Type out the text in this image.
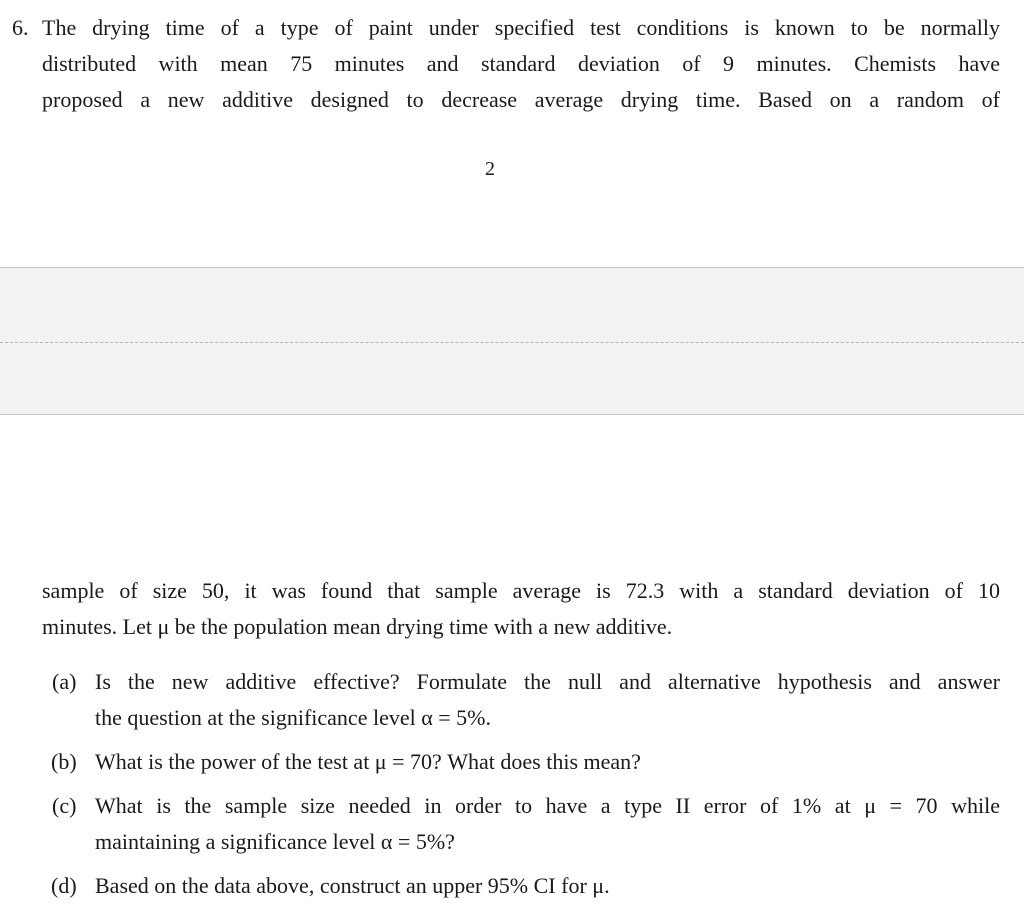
6. The drying time of a type of paint under specified test conditions is known to be normally
distributed with mean 75 minutes and standard deviation of 9 minutes. Chemists have
proposed a new additive designed to decrease average drying time. Based on a random of
2
sample of size 50, it was found that sample average is 72.3 with a standard deviation of 10
minutes. Let μ be the population mean drying time with a new additive.
(a) Is the new additive effective? Formulate the null and alternative hypothesis and answer
the question at the significance level α = 5%.
(b) What is the power of the test at μ = 70? What does this mean?
(c) What is the sample size needed in order to have a type II error of 1% at μ = 70 while
maintaining a significance level α = 5%?
(d) Based on the data above, construct an upper 95% CI for μ.
